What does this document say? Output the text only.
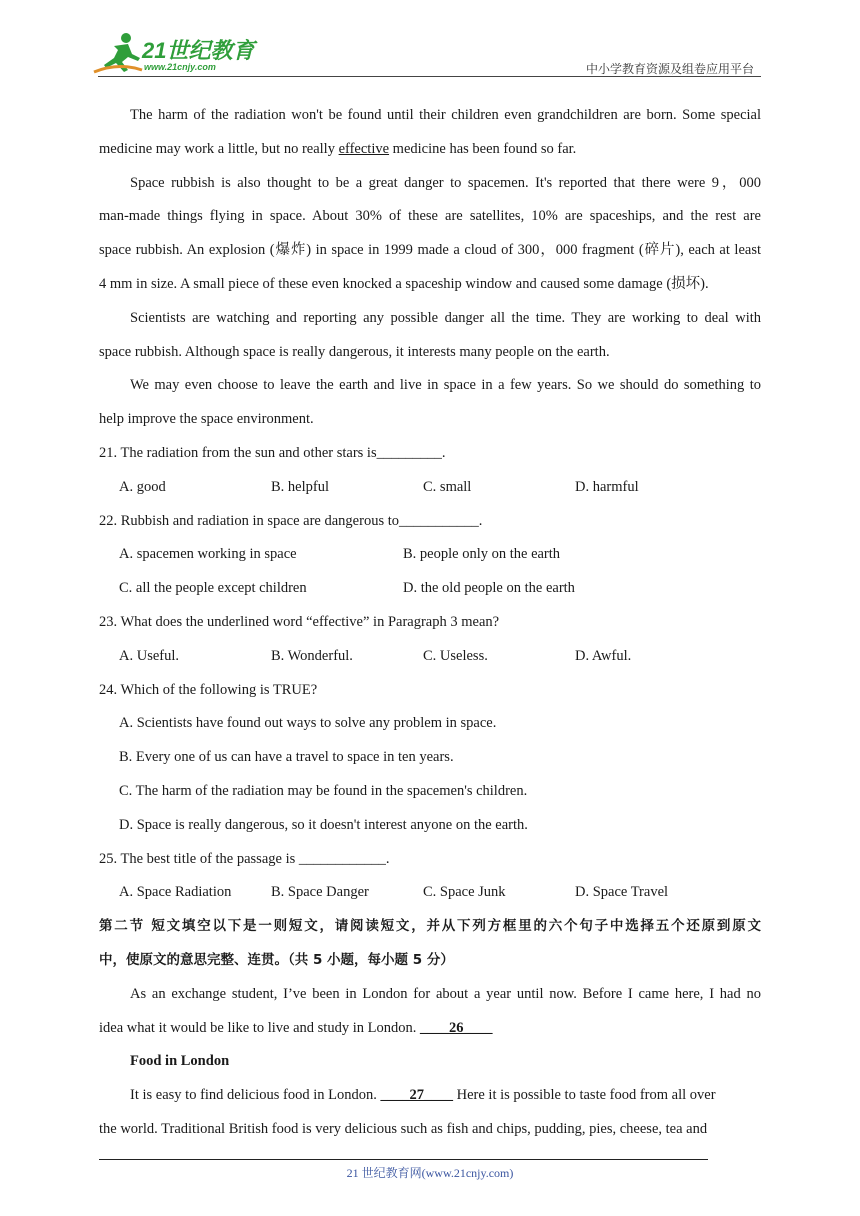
21世纪教育
www.21cnjy.com	中小学教育资源及组卷应用平台
The harm of the radiation won't be found until their children even grandchildren are born. Some special
medicine may work a little, but no really effective medicine has been found so far.
Space rubbish is also thought to be a great danger to spacemen. It's reported that there were 9，000
man-made things flying in space. About 30% of these are satellites, 10% are spaceships, and the rest are
space rubbish. An explosion (爆炸) in space in 1999 made a cloud of 300，000 fragment (碎片), each at least
4 mm in size. A small piece of these even knocked a spaceship window and caused some damage (损坏).
Scientists are watching and reporting any possible danger all the time. They are working to deal with
space rubbish. Although space is really dangerous, it interests many people on the earth.
We may even choose to leave the earth and live in space in a few years. So we should do something to
help improve the space environment.
21. The radiation from the sun and other stars is_________.
A. good	B. helpful	C. small	D. harmful
22. Rubbish and radiation in space are dangerous to___________.
A. spacemen working in space	B. people only on the earth
C. all the people except children	D. the old people on the earth
23. What does the underlined word “effective” in Paragraph 3 mean?
A. Useful.	B. Wonderful.	C. Useless.	D. Awful.
24. Which of the following is TRUE?
A. Scientists have found out ways to solve any problem in space.
B. Every one of us can have a travel to space in ten years.
C. The harm of the radiation may be found in the spacemen's children.
D. Space is really dangerous, so it doesn't interest anyone on the earth.
25. The best title of the passage is ____________.
A. Space Radiation	B. Space Danger	C. Space Junk	D. Space Travel
第二节 短文填空以下是一则短文，请阅读短文，并从下列方框里的六个句子中选择五个还原到原文
中，使原文的意思完整、连贯。（共 5 小题，每小题 5 分）
As an exchange student, I’ve been in London for about a year until now. Before I came here, I had no
idea what it would be like to live and study in London. ____26____
Food in London
It is easy to find delicious food in London. ____27____ Here it is possible to taste food from all over
the world. Traditional British food is very delicious such as fish and chips, pudding, pies, cheese, tea and
21 世纪教育网(www.21cnjy.com)
